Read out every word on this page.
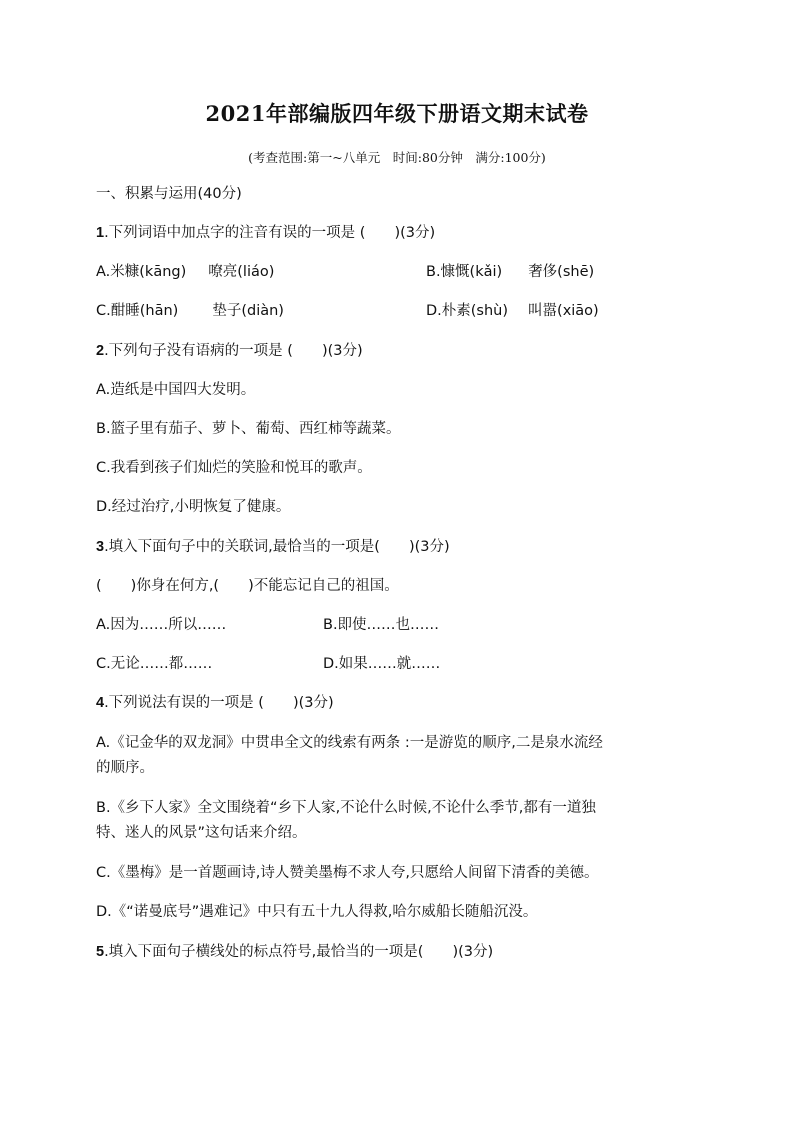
2021年部编版四年级下册语文期末试卷
(考查范围:第一~八单元　时间:80分钟　满分:100分)
一、积累与运用(40分)
1.下列词语中加点字的注音有误的一项是 (　　)(3分)
A.米糠(kāng) 嘹亮(liáo)	B.慷慨(kǎi) 奢侈(shē)
C.酣睡(hān) 垫子(diàn)	D.朴素(shù) 叫嚣(xiāo)
2.下列句子没有语病的一项是 (　　)(3分)
A.造纸是中国四大发明。
B.篮子里有茄子、萝卜、葡萄、西红柿等蔬菜。
C.我看到孩子们灿烂的笑脸和悦耳的歌声。
D.经过治疗,小明恢复了健康。
3.填入下面句子中的关联词,最恰当的一项是(　　)(3分)
(　　)你身在何方,(　　)不能忘记自己的祖国。
A.因为……所以……	B.即使……也……
C.无论……都……	D.如果……就……
4.下列说法有误的一项是 (　　)(3分)
A.《记金华的双龙洞》中贯串全文的线索有两条 :一是游览的顺序,二是泉水流经
的顺序。
B.《乡下人家》全文围绕着“乡下人家,不论什么时候,不论什么季节,都有一道独
特、迷人的风景”这句话来介绍。
C.《墨梅》是一首题画诗,诗人赞美墨梅不求人夸,只愿给人间留下清香的美德。
D.《“诺曼底号”遇难记》中只有五十九人得救,哈尔威船长随船沉没。
5.填入下面句子横线处的标点符号,最恰当的一项是(　　)(3分)
